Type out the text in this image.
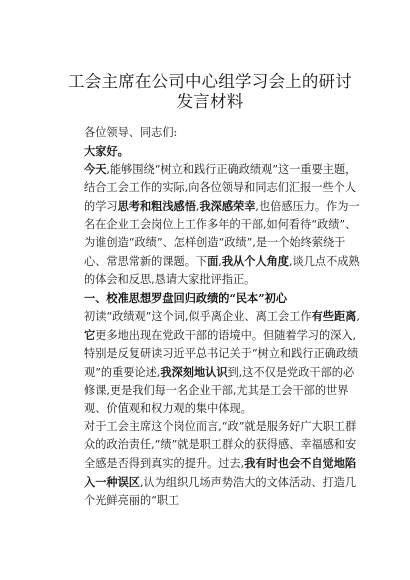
工会主席在公司中心组学习会上的研讨发言材料
各位领导、同志们:
大家好。

今天,能够围绕“树立和践行正确政绩观”这一重要主题，结合工会工作的实际,向各位领导和同志们汇报一些个人的学习思考和粗浅感悟,我深感荣幸,也倍感压力。作为一名在企业工会岗位上工作多年的干部,如何看待“政绩”、为谁创造“政绩”、怎样创造“政绩”,是一个始终萦绕于心、常思常新的课题。下面,我从个人角度,谈几点不成熟的体会和反思,恳请大家批评指正。

一、校准思想罗盘回归政绩的“民本”初心

初读“政绩观”这个词,似乎离企业、离工会工作有些距离,它更多地出现在党政干部的语境中。但随着学习的深入,特别是反复研读习近平总书记关于“树立和践行正确政绩观”的重要论述,我深刻地认识到,这不仅是党政干部的必修课,更是我们每一名企业干部,尤其是工会干部的世界观、价值观和权力观的集中体现。

对于工会主席这个岗位而言,“政”就是服务好广大职工群众的政治责任,“绩”就是职工群众的获得感、幸福感和安全感是否得到真实的提升。过去,我有时也会不自觉地陷入一种误区,认为组织几场声势浩大的文体活动、打造几个光鲜亮丽的“职工
